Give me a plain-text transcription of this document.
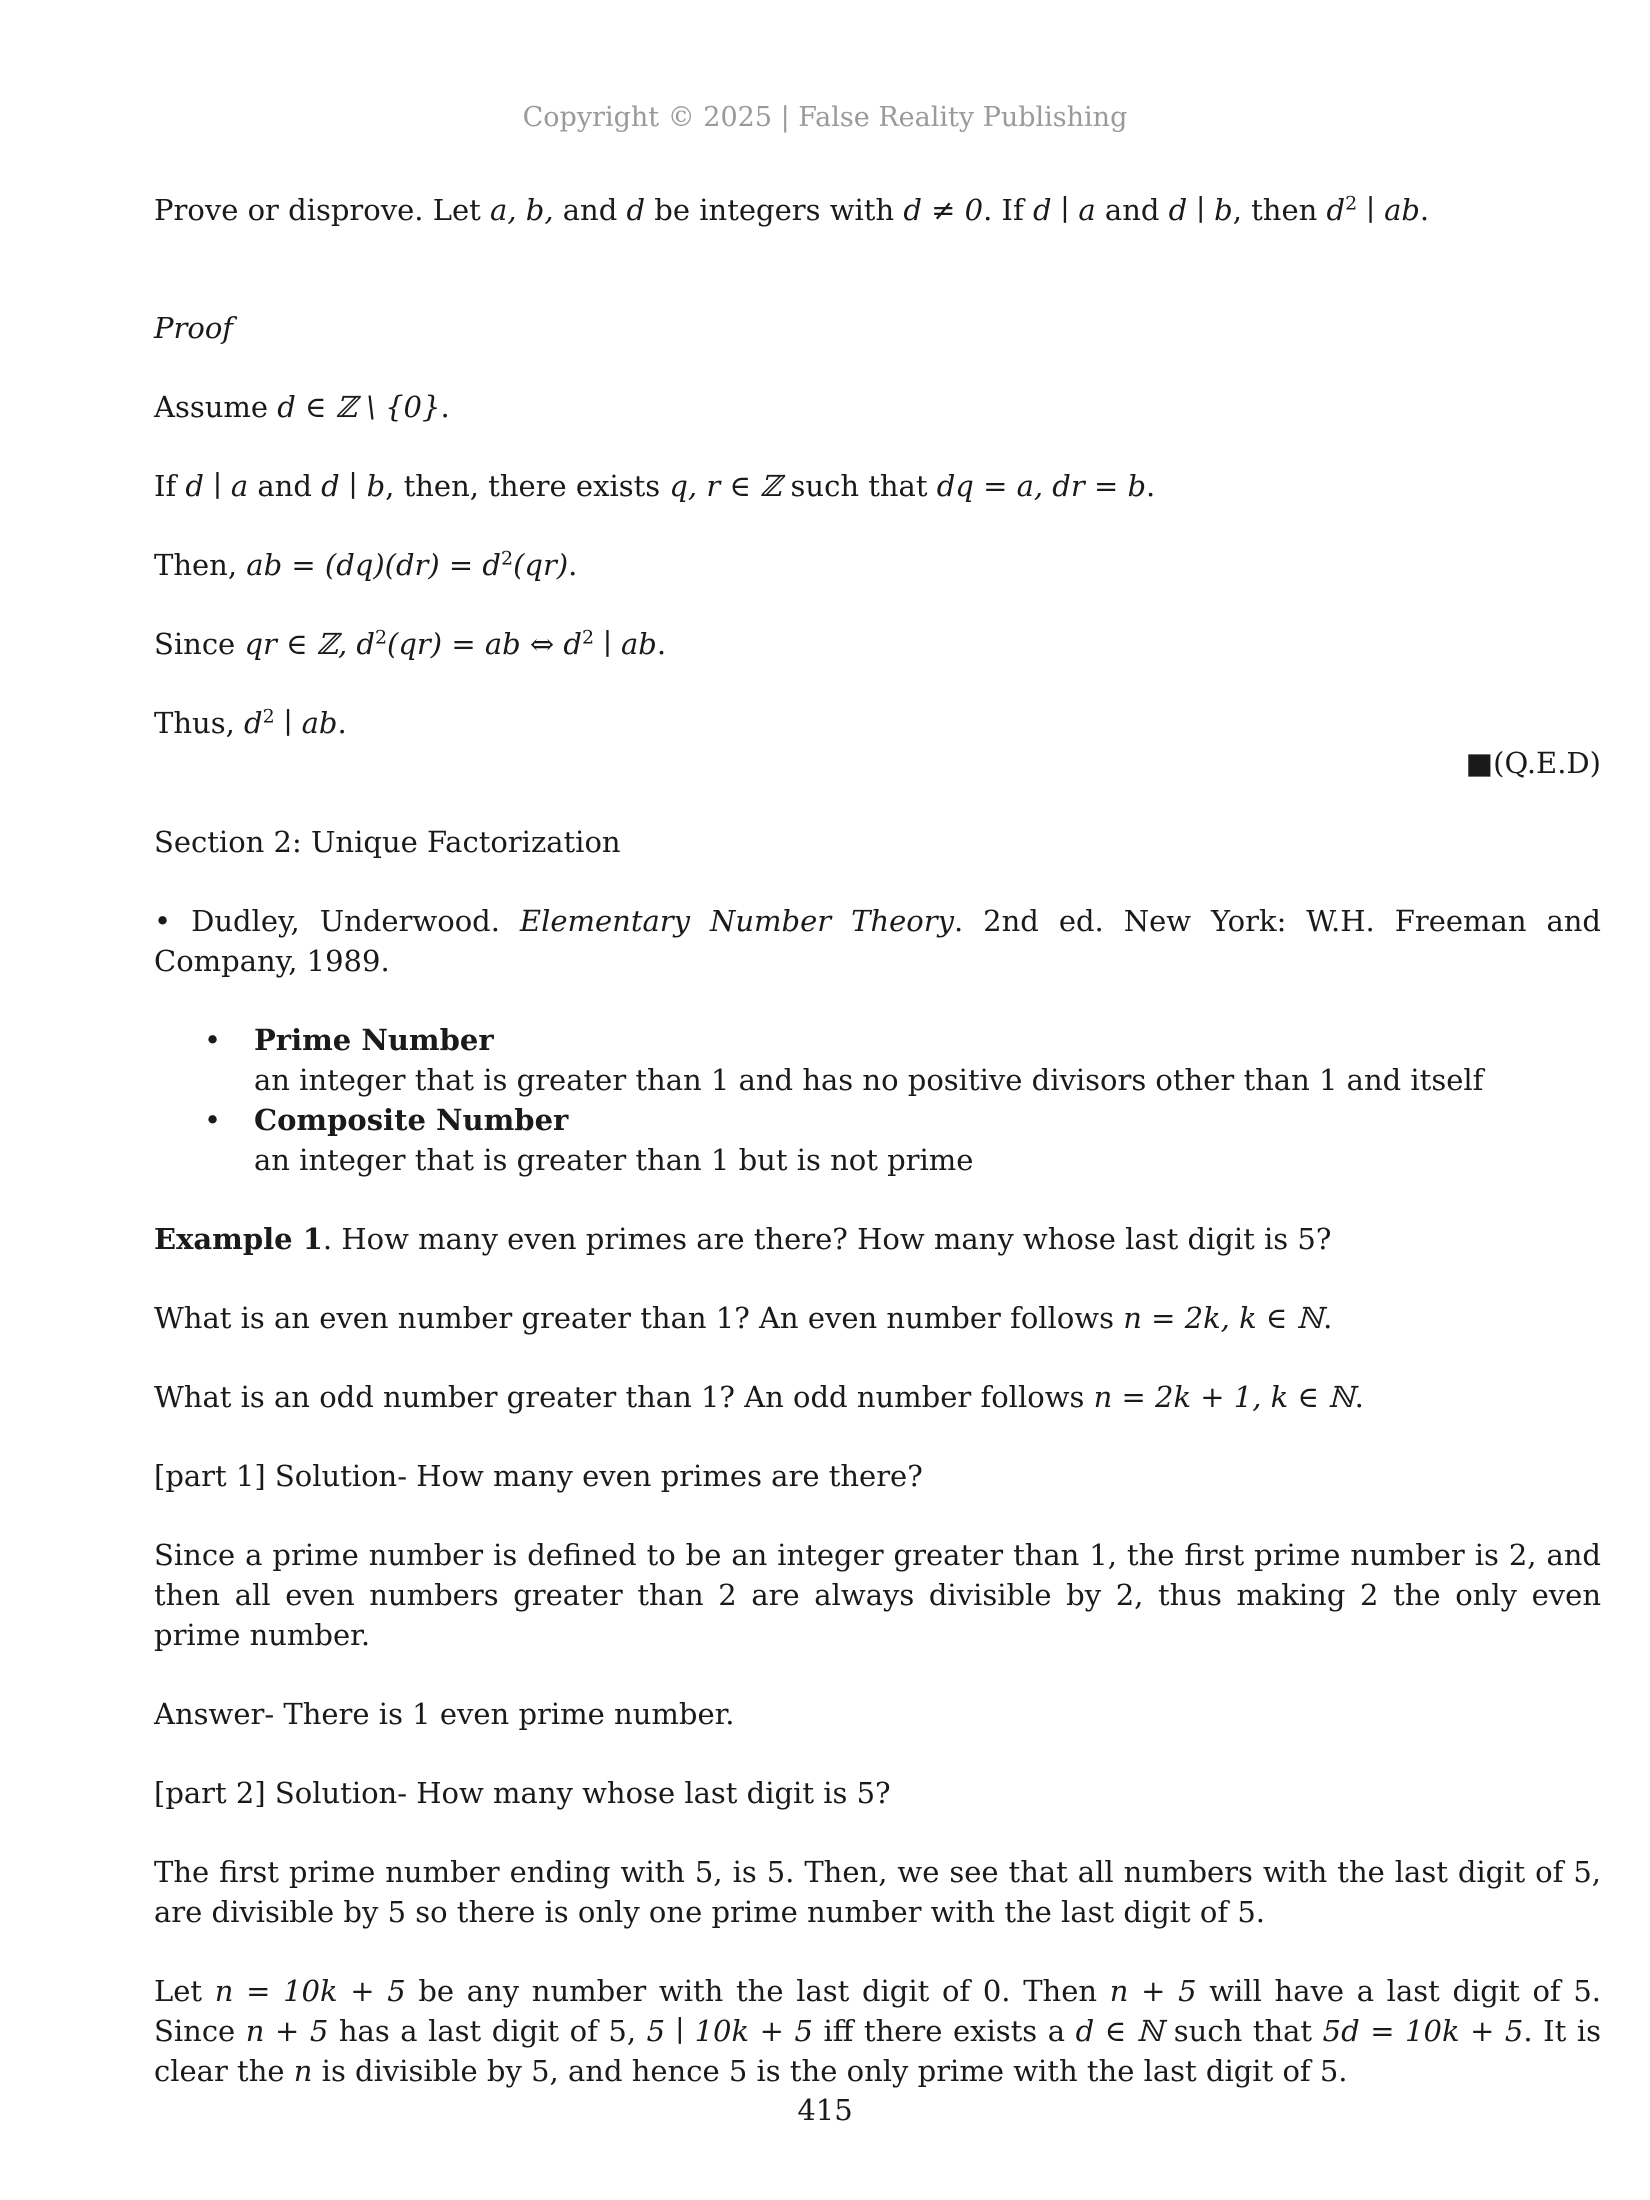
Copyright © 2025 | False Reality Publishing

Prove or disprove. Let a, b, and d be integers with d ≠ 0. If d ∣ a and d ∣ b, then $d^2$ ∣ ab.

Proof

Assume d ∈ ℤ \ {0}.

If d ∣ a and d ∣ b, then, there exists q, r ∈ ℤ such that dq = a, dr = b.

Then, ab = $(dq)(dr) = d^2(qr)$.

Since qr ∈ ℤ, $d^2(qr)$ = ab ⇔ $d^2$ ∣ ab.

Thus, $d^2$ ∣ ab.

■(Q.E.D)

Section 2: Unique Factorization

• Dudley, Underwood. Elementary Number Theory. 2nd ed. New York: W.H. Freeman and Company, 1989.

• Prime Number
an integer that is greater than 1 and has no positive divisors other than 1 and itself
• Composite Number
an integer that is greater than 1 but is not prime

Example 1. How many even primes are there? How many whose last digit is 5?

What is an even number greater than 1? An even number follows n = 2k, k ∈ ℕ.

What is an odd number greater than 1? An odd number follows n = 2k + 1, k ∈ ℕ.

[part 1] Solution- How many even primes are there?

Since a prime number is defined to be an integer greater than 1, the first prime number is 2, and then all even numbers greater than 2 are always divisible by 2, thus making 2 the only even prime number.

Answer- There is 1 even prime number.

[part 2] Solution- How many whose last digit is 5?

The first prime number ending with 5, is 5. Then, we see that all numbers with the last digit of 5, are divisible by 5 so there is only one prime number with the last digit of 5.

Let n = 10k + 5 be any number with the last digit of 0. Then n + 5 will have a last digit of 5. Since n + 5 has a last digit of 5, 5 ∣ 10k + 5 iff there exists a d ∈ ℕ such that 5d = 10k + 5. It is clear the n is divisible by 5, and hence 5 is the only prime with the last digit of 5.

415
